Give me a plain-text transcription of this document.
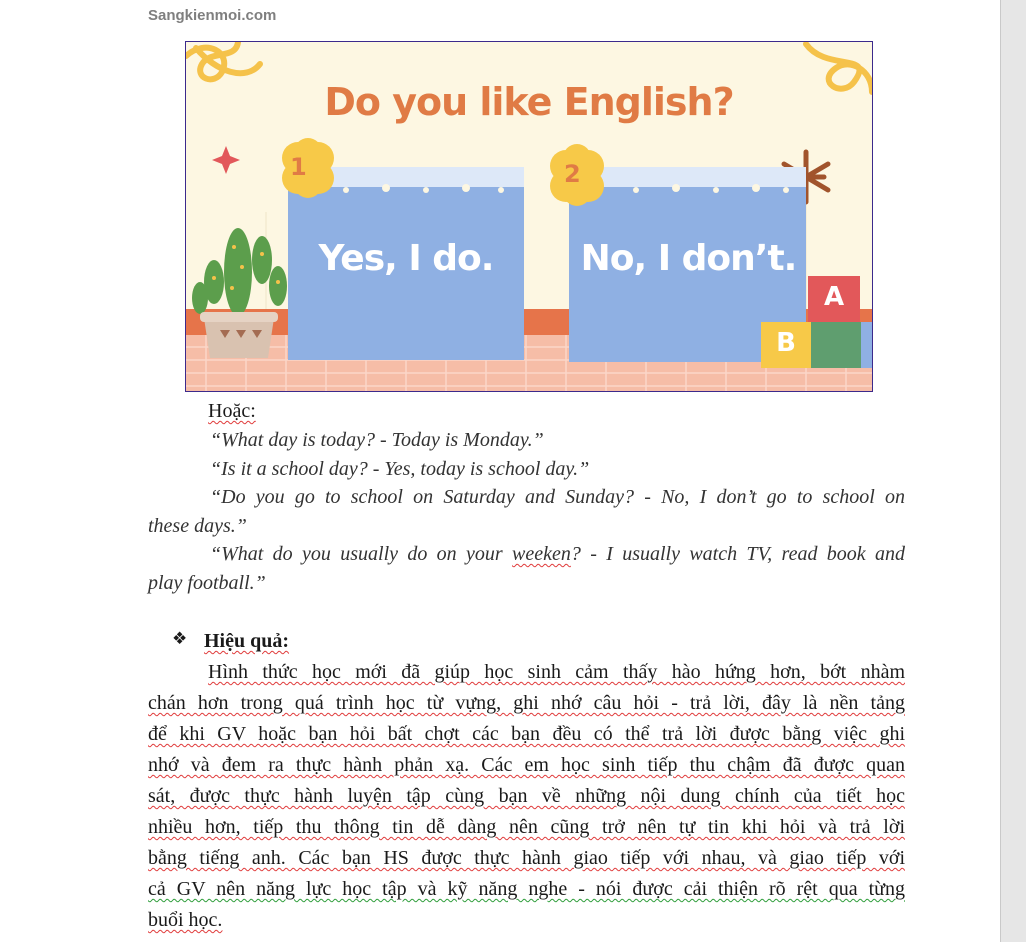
Sangkienmoi.com
Do you like English?
1	2
Yes, I do.	No, I don’t.
A
B
Hoặc:
“What day is today? - Today is Monday.”
“Is it a school day? - Yes, today is school day.”
“Do you go to school on Saturday and Sunday? - No, I don’t go to school on
these days.”
“What do you usually do on your weeken? - I usually watch TV, read book and
play football.”
❖ Hiệu quả:
Hình thức học mới đã giúp học sinh cảm thấy hào hứng hơn, bớt nhàm
chán hơn trong quá trình học từ vựng, ghi nhớ câu hỏi - trả lời, đây là nền tảng
để khi GV hoặc bạn hỏi bất chợt các bạn đều có thể trả lời được bằng việc ghi
nhớ và đem ra thực hành phản xạ. Các em học sinh tiếp thu chậm đã được quan
sát, được thực hành luyện tập cùng bạn về những nội dung chính của tiết học
nhiều hơn, tiếp thu thông tin dễ dàng nên cũng trở nên tự tin khi hỏi và trả lời
bằng tiếng anh. Các bạn HS được thực hành giao tiếp với nhau, và giao tiếp với
cả GV nên năng lực học tập và kỹ năng nghe - nói được cải thiện rõ rệt qua từng
buổi học.
